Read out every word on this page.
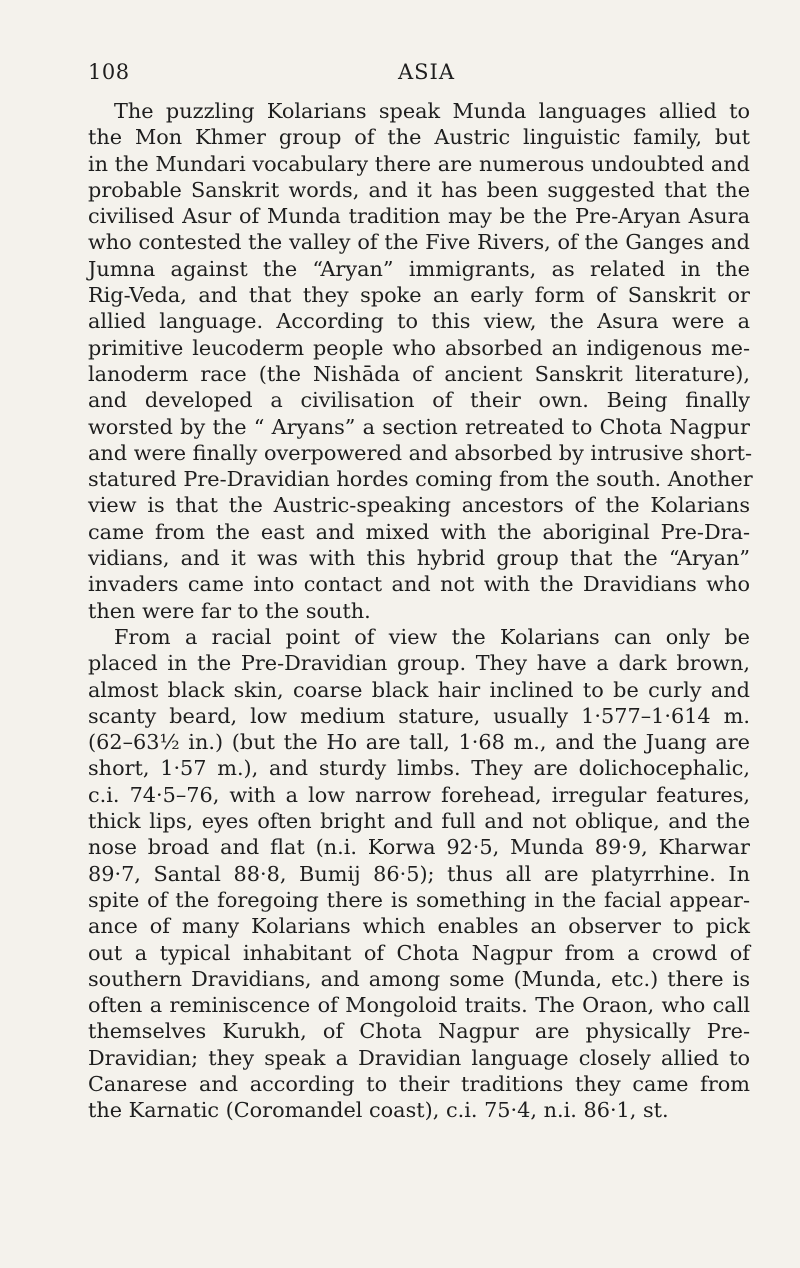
108	ASIA
The puzzling Kolarians speak Munda languages allied to
the Mon Khmer group of the Austric linguistic family, but
in the Mundari vocabulary there are numerous undoubted and
probable Sanskrit words, and it has been suggested that the
civilised Asur of Munda tradition may be the Pre-Aryan Asura
who contested the valley of the Five Rivers, of the Ganges and
Jumna against the “Aryan” immigrants, as related in the
Rig-Veda, and that they spoke an early form of Sanskrit or
allied language. According to this view, the Asura were a
primitive leucoderm people who absorbed an indigenous me-
lanoderm race (the Nishāda of ancient Sanskrit literature),
and developed a civilisation of their own. Being finally
worsted by the “ Aryans” a section retreated to Chota Nagpur
and were finally overpowered and absorbed by intrusive short-
statured Pre-Dravidian hordes coming from the south. Another
view is that the Austric-speaking ancestors of the Kolarians
came from the east and mixed with the aboriginal Pre-Dra-
vidians, and it was with this hybrid group that the “Aryan”
invaders came into contact and not with the Dravidians who
then were far to the south.
From a racial point of view the Kolarians can only be
placed in the Pre-Dravidian group. They have a dark brown,
almost black skin, coarse black hair inclined to be curly and
scanty beard, low medium stature, usually 1·577–1·614 m.
(62–63½ in.) (but the Ho are tall, 1·68 m., and the Juang are
short, 1·57 m.), and sturdy limbs. They are dolichocephalic,
c.i. 74·5–76, with a low narrow forehead, irregular features,
thick lips, eyes often bright and full and not oblique, and the
nose broad and flat (n.i. Korwa 92·5, Munda 89·9, Kharwar
89·7, Santal 88·8, Bumij 86·5); thus all are platyrrhine. In
spite of the foregoing there is something in the facial appear-
ance of many Kolarians which enables an observer to pick
out a typical inhabitant of Chota Nagpur from a crowd of
southern Dravidians, and among some (Munda, etc.) there is
often a reminiscence of Mongoloid traits. The Oraon, who call
themselves Kurukh, of Chota Nagpur are physically Pre-
Dravidian; they speak a Dravidian language closely allied to
Canarese and according to their traditions they came from
the Karnatic (Coromandel coast), c.i. 75·4, n.i. 86·1, st.
